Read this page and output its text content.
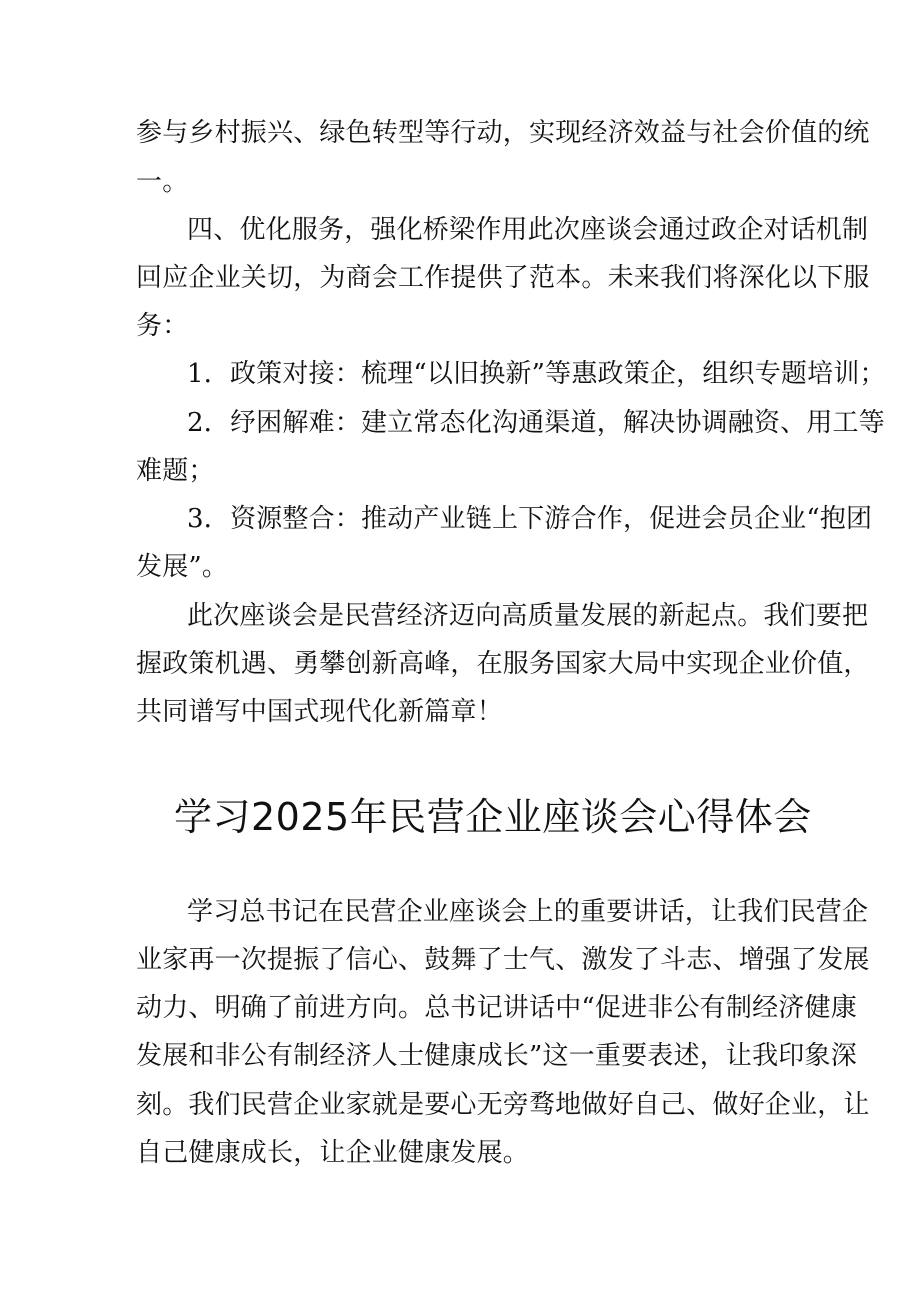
参与乡村振兴、绿色转型等行动，实现经济效益与社会价值的统
一。
四、优化服务，强化桥梁作用此次座谈会通过政企对话机制
回应企业关切，为商会工作提供了范本。未来我们将深化以下服
务：
1．政策对接：梳理“以旧换新”等惠政策企，组织专题培训；
2．纾困解难：建立常态化沟通渠道，解决协调融资、用工等
难题；
3．资源整合：推动产业链上下游合作，促进会员企业“抱团
发展”。
此次座谈会是民营经济迈向高质量发展的新起点。我们要把
握政策机遇、勇攀创新高峰，在服务国家大局中实现企业价值，
共同谱写中国式现代化新篇章！
学习2025年民营企业座谈会心得体会
学习总书记在民营企业座谈会上的重要讲话，让我们民营企
业家再一次提振了信心、鼓舞了士气、激发了斗志、增强了发展
动力、明确了前进方向。总书记讲话中“促进非公有制经济健康
发展和非公有制经济人士健康成长”这一重要表述，让我印象深
刻。我们民营企业家就是要心无旁骛地做好自己、做好企业，让
自己健康成长，让企业健康发展。
